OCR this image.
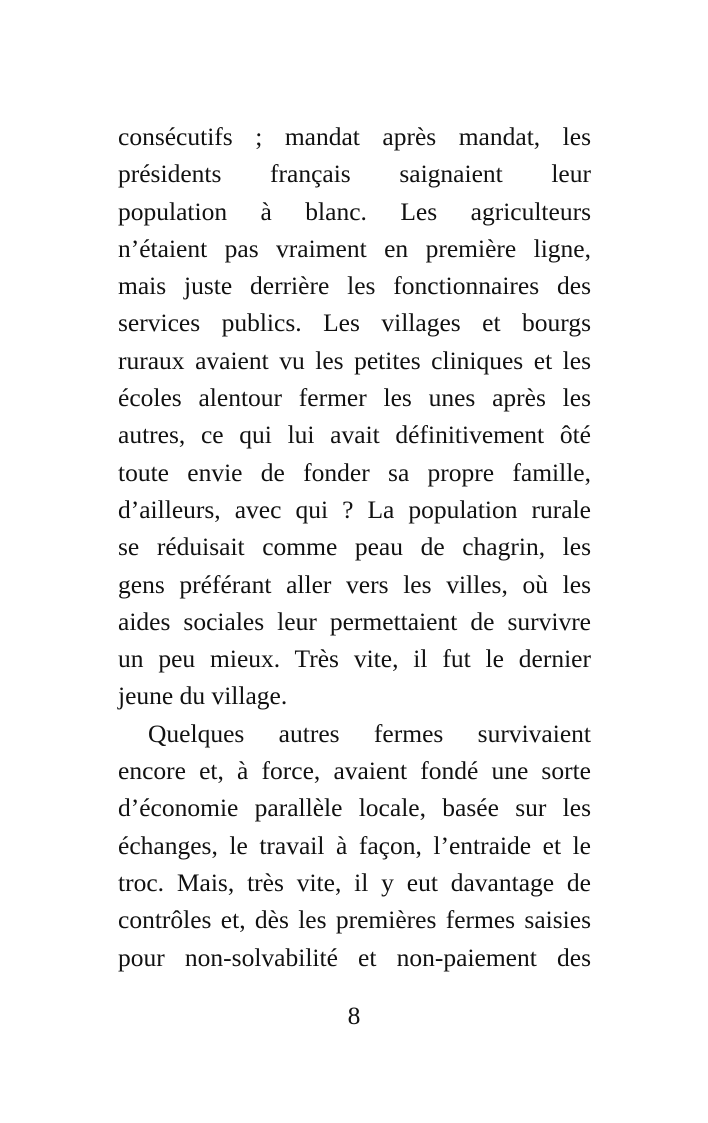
consécutifs ; mandat après mandat, les
présidents français saignaient leur
population à blanc. Les agriculteurs
n’étaient pas vraiment en première ligne,
mais juste derrière les fonctionnaires des
services publics. Les villages et bourgs
ruraux avaient vu les petites cliniques et les
écoles alentour fermer les unes après les
autres, ce qui lui avait définitivement ôté
toute envie de fonder sa propre famille,
d’ailleurs, avec qui ? La population rurale
se réduisait comme peau de chagrin, les
gens préférant aller vers les villes, où les
aides sociales leur permettaient de survivre
un peu mieux. Très vite, il fut le dernier
jeune du village.
Quelques autres fermes survivaient
encore et, à force, avaient fondé une sorte
d’économie parallèle locale, basée sur les
échanges, le travail à façon, l’entraide et le
troc. Mais, très vite, il y eut davantage de
contrôles et, dès les premières fermes saisies
pour non-solvabilité et non-paiement des
8
